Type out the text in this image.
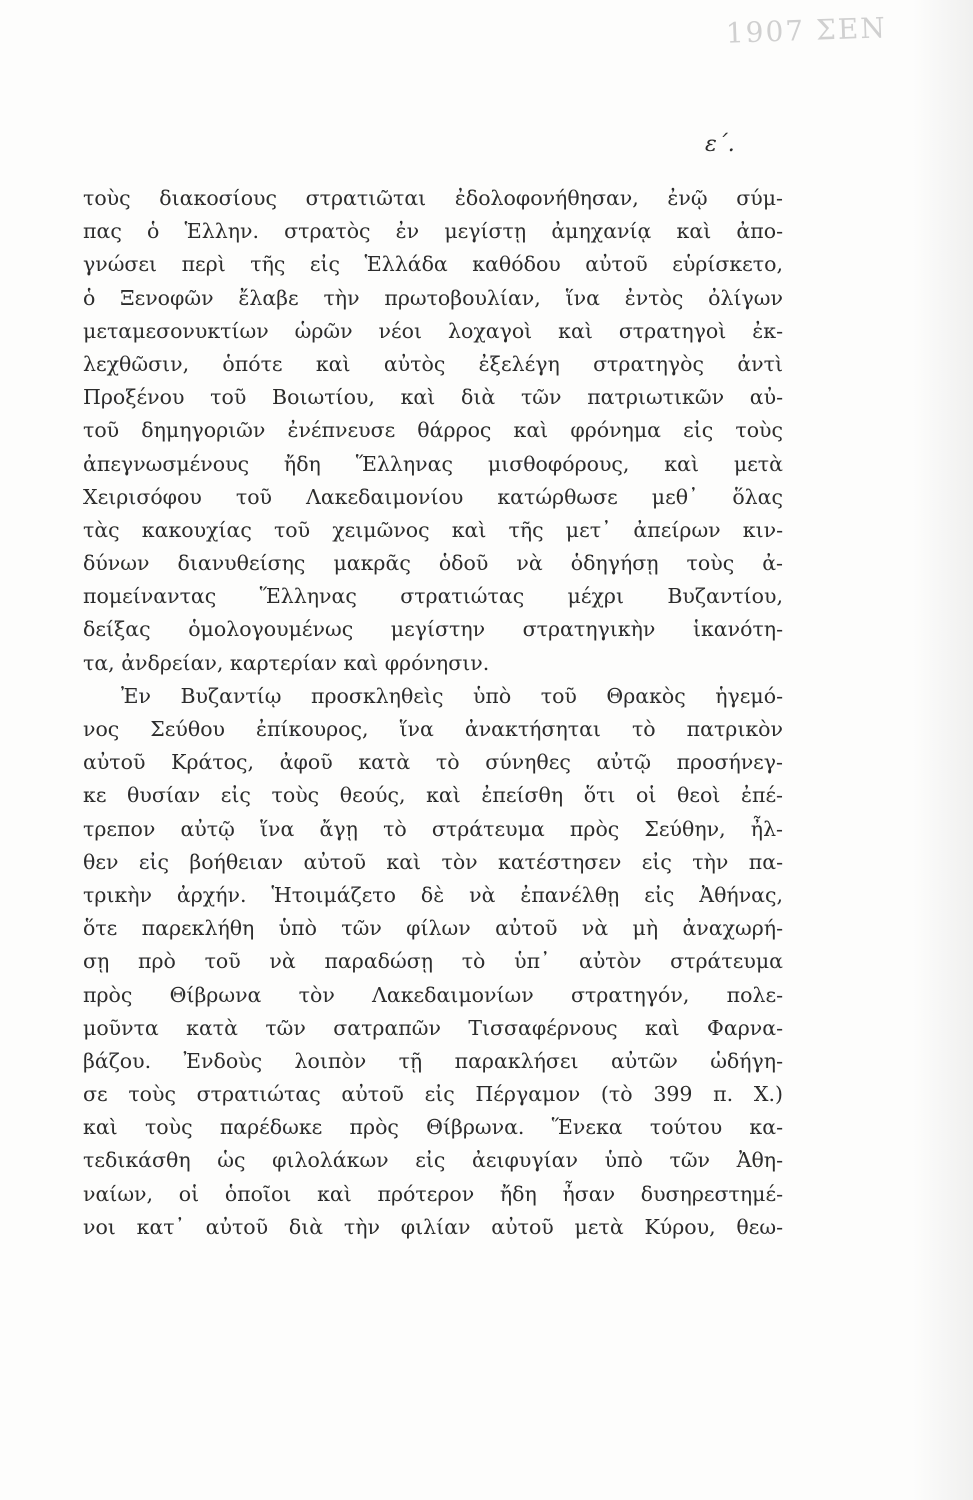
1907 ΣΕΝ
ε΄.
τοὺς διακοσίους στρατιῶται ἐδολοφονήθησαν, ἐνῷ σύμ-
πας ὁ Ἑλλην. στρατὸς ἐν μεγίστῃ ἀμηχανίᾳ καὶ ἀπο-
γνώσει περὶ τῆς εἰς Ἑλλάδα καθόδου αὐτοῦ εὑρίσκετο,
ὁ Ξενοφῶν ἔλαβε τὴν πρωτοβουλίαν, ἵνα ἐντὸς ὀλίγων
μεταμεσονυκτίων ὡρῶν νέοι λοχαγοὶ καὶ στρατηγοὶ ἐκ-
λεχθῶσιν, ὁπότε καὶ αὐτὸς ἐξελέγη στρατηγὸς ἀντὶ
Προξένου τοῦ Βοιωτίου, καὶ διὰ τῶν πατριωτικῶν αὐ-
τοῦ δημηγοριῶν ἐνέπνευσε θάρρος καὶ φρόνημα εἰς τοὺς
ἀπεγνωσμένους ἤδη Ἕλληνας μισθοφόρους, καὶ μετὰ
Χειρισόφου τοῦ Λακεδαιμονίου κατώρθωσε μεθ᾽ ὅλας
τὰς κακουχίας τοῦ χειμῶνος καὶ τῆς μετ᾽ ἀπείρων κιν-
δύνων διανυθείσης μακρᾶς ὁδοῦ νὰ ὁδηγήσῃ τοὺς ἀ-
πομείναντας Ἕλληνας στρατιώτας μέχρι Βυζαντίου,
δείξας ὁμολογουμένως μεγίστην στρατηγικὴν ἱκανότη-
τα, ἀνδρείαν, καρτερίαν καὶ φρόνησιν.
Ἐν Βυζαντίῳ προσκληθεὶς ὑπὸ τοῦ Θρακὸς ἡγεμό-
νος Σεύθου ἐπίκουρος, ἵνα ἀνακτήσηται τὸ πατρικὸν
αὐτοῦ Κράτος, ἀφοῦ κατὰ τὸ σύνηθες αὐτῷ προσήνεγ-
κε θυσίαν εἰς τοὺς θεούς, καὶ ἐπείσθη ὅτι οἱ θεοὶ ἐπέ-
τρεπον αὐτῷ ἵνα ἄγῃ τὸ στράτευμα πρὸς Σεύθην, ἦλ-
θεν εἰς βοήθειαν αὐτοῦ καὶ τὸν κατέστησεν εἰς τὴν πα-
τρικὴν ἀρχήν. Ἡτοιμάζετο δὲ νὰ ἐπανέλθῃ εἰς Ἀθήνας,
ὅτε παρεκλήθη ὑπὸ τῶν φίλων αὐτοῦ νὰ μὴ ἀναχωρή-
σῃ πρὸ τοῦ νὰ παραδώσῃ τὸ ὑπ᾽ αὐτὸν στράτευμα
πρὸς Θίβρωνα τὸν Λακεδαιμονίων στρατηγόν, πολε-
μοῦντα κατὰ τῶν σατραπῶν Τισσαφέρνους καὶ Φαρνα-
βάζου. Ἐνδοὺς λοιπὸν τῇ παρακλήσει αὐτῶν ὡδήγη-
σε τοὺς στρατιώτας αὐτοῦ εἰς Πέργαμον (τὸ 399 π. Χ.)
καὶ τοὺς παρέδωκε πρὸς Θίβρωνα. Ἕνεκα τούτου κα-
τεδικάσθη ὡς φιλολάκων εἰς ἀειφυγίαν ὑπὸ τῶν Ἀθη-
ναίων, οἱ ὁποῖοι καὶ πρότερον ἤδη ἦσαν δυσηρεστημέ-
νοι κατ᾽ αὐτοῦ διὰ τὴν φιλίαν αὐτοῦ μετὰ Κύρου, θεω-
